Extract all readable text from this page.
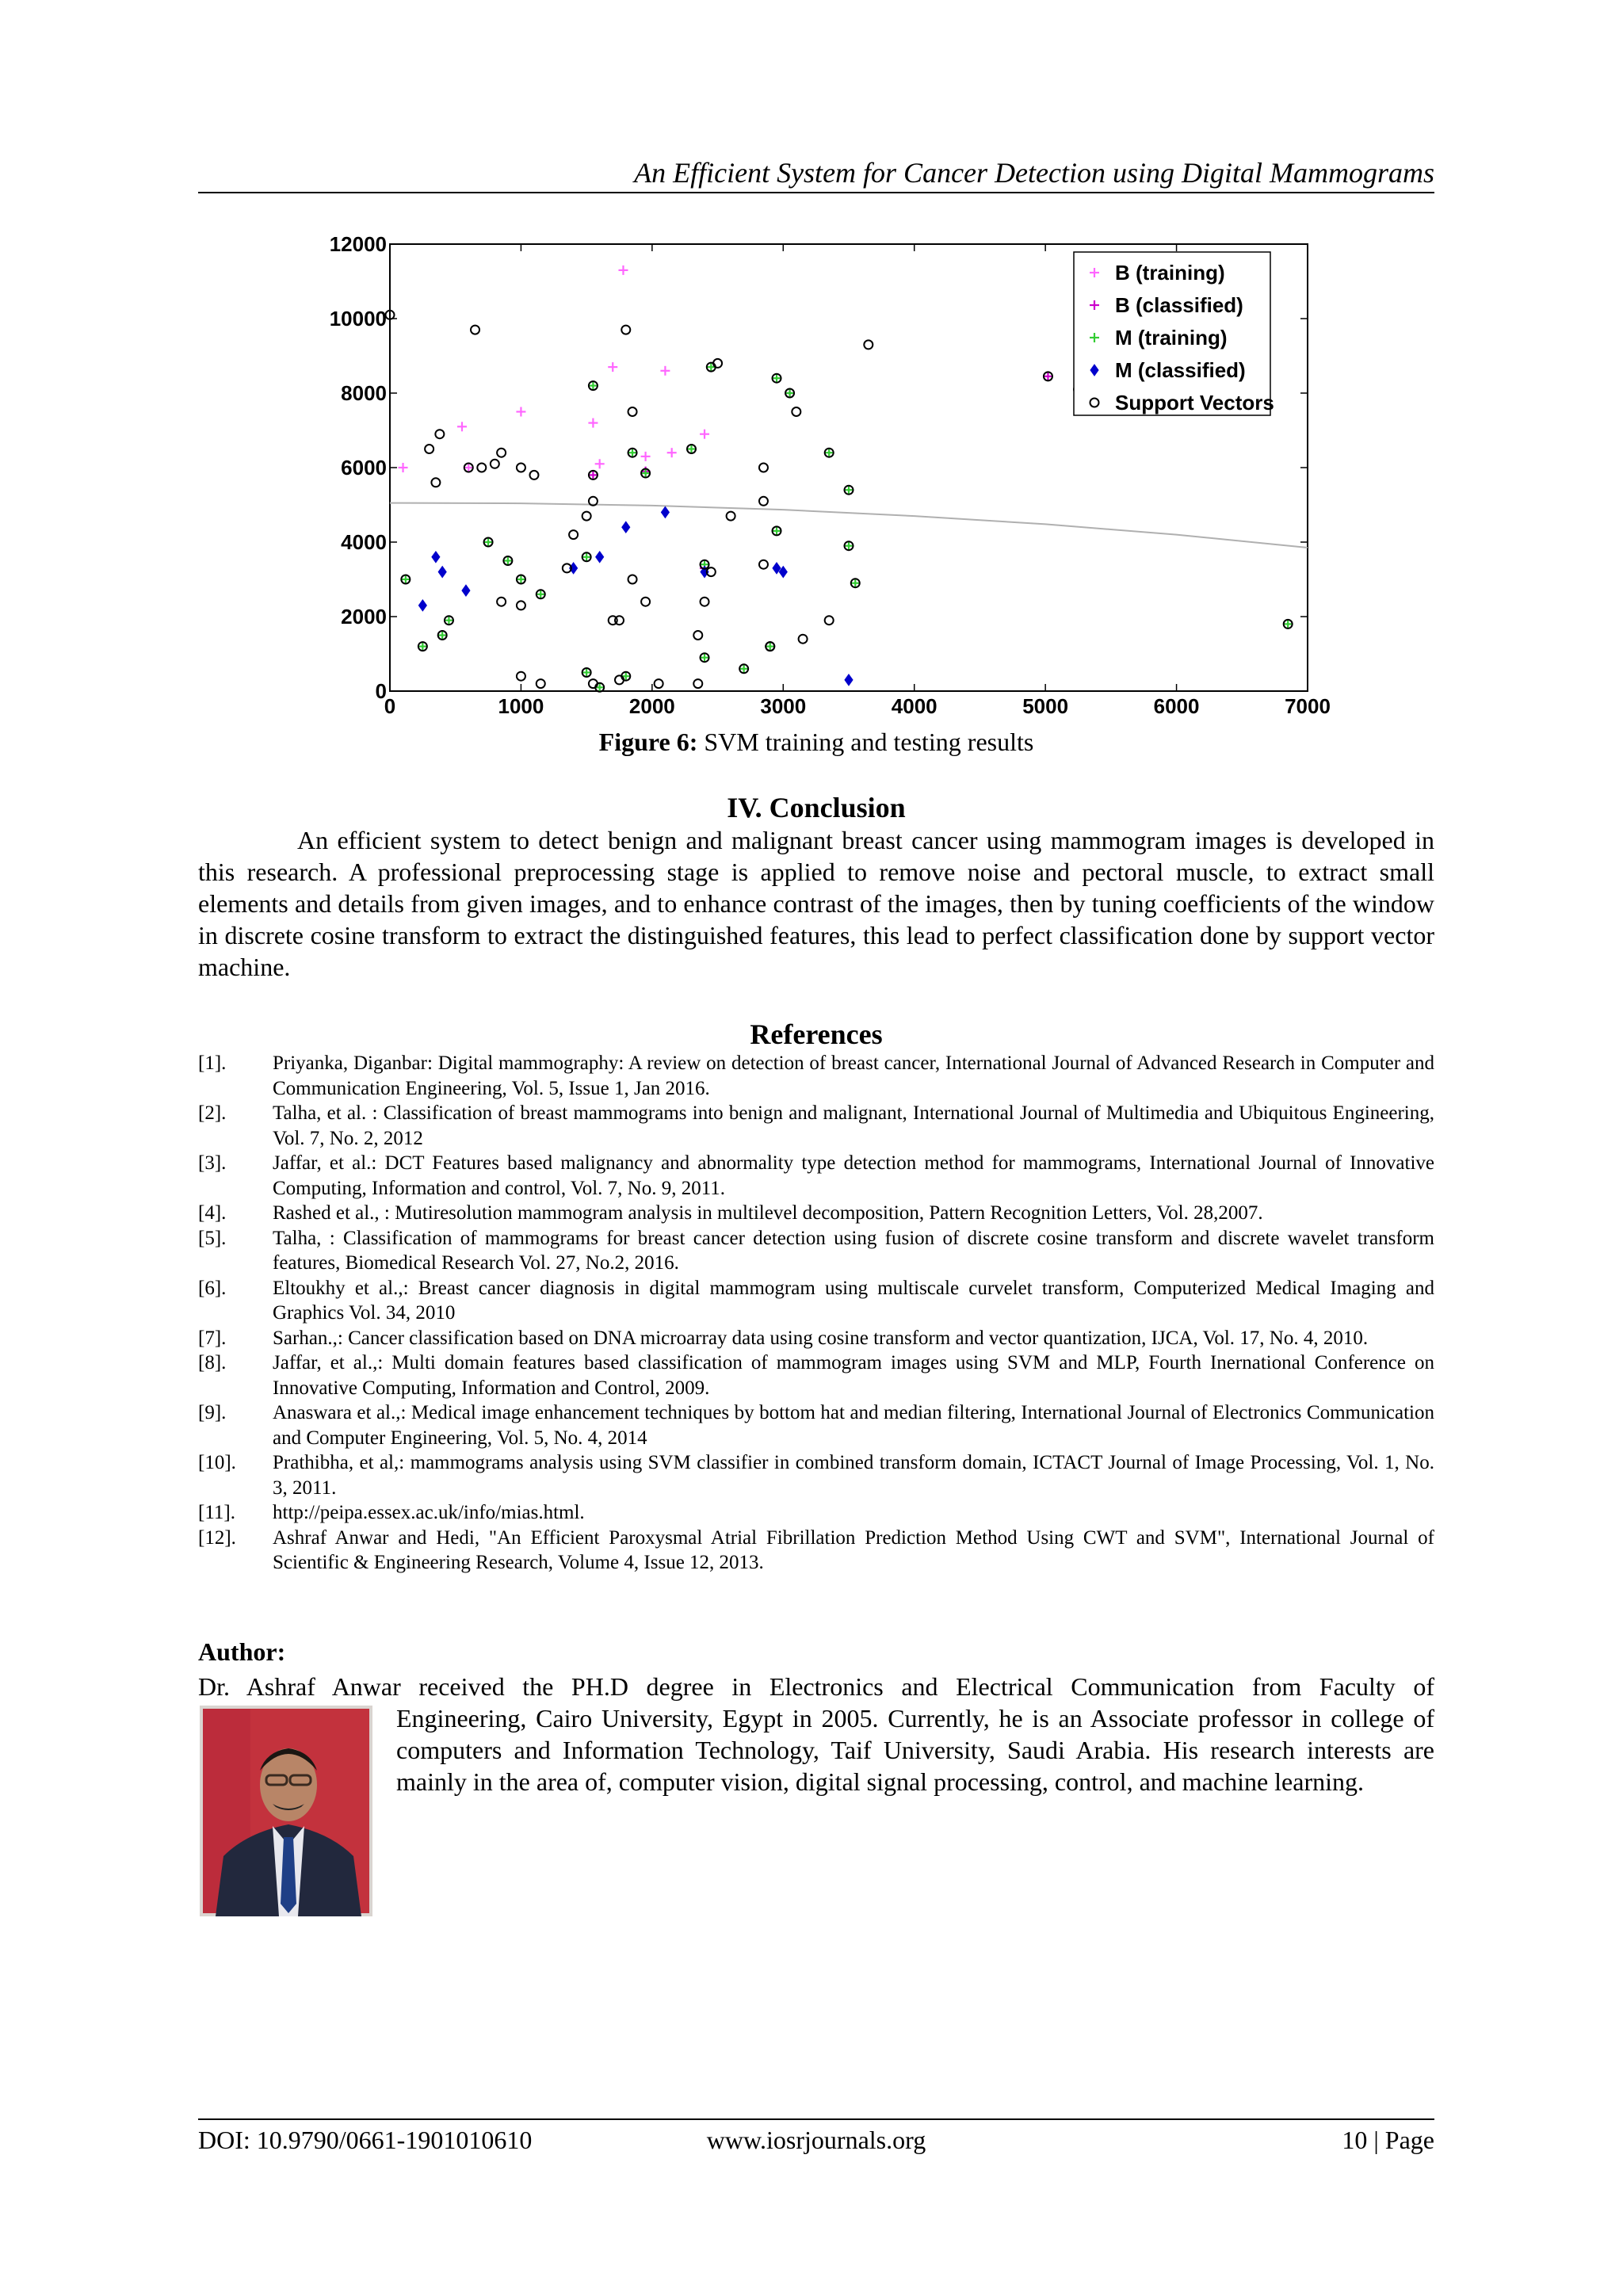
An Efficient System for Cancer Detection using Digital Mammograms
0	1000	2000	3000	4000	5000	6000	7000
0
2000
4000
6000
8000
10000
12000
B (training)
B (classified)
M (training)
M (classified)
Support Vectors
Figure 6: SVM training and testing results
IV. Conclusion
An efficient system to detect benign and malignant breast cancer using mammogram images is developed in this research. A professional preprocessing stage is applied to remove noise and pectoral muscle, to extract small elements and details from given images, and to enhance contrast of the images, then by tuning coefficients of the window in discrete cosine transform to extract the distinguished features, this lead to perfect classification done by support vector machine.
References
[1].	Priyanka, Diganbar: Digital mammography: A review on detection of breast cancer, International Journal of Advanced Research in Computer and Communication Engineering, Vol. 5, Issue 1, Jan 2016.
[2].	Talha, et al. : Classification of breast mammograms into benign and malignant, International Journal of Multimedia and Ubiquitous Engineering, Vol. 7, No. 2, 2012
[3].	Jaffar, et al.: DCT Features based malignancy and abnormality type detection method for mammograms, International Journal of Innovative Computing, Information and control, Vol. 7, No. 9, 2011.
[4].	Rashed et al., : Mutiresolution mammogram analysis in multilevel decomposition, Pattern Recognition Letters, Vol. 28,2007.
[5].	Talha, : Classification of mammograms for breast cancer detection using fusion of discrete cosine transform and discrete wavelet transform features, Biomedical Research Vol. 27, No.2, 2016.
[6].	Eltoukhy et al.,: Breast cancer diagnosis in digital mammogram using multiscale curvelet transform, Computerized Medical Imaging and Graphics Vol. 34, 2010
[7].	Sarhan.,: Cancer classification based on DNA microarray data using cosine transform and vector quantization, IJCA, Vol. 17, No. 4, 2010.
[8].	Jaffar, et al.,: Multi domain features based classification of mammogram images using SVM and MLP, Fourth Inernational Conference on Innovative Computing, Information and Control, 2009.
[9].	Anaswara et al.,: Medical image enhancement techniques by bottom hat and median filtering, International Journal of Electronics Communication and Computer Engineering, Vol. 5, No. 4, 2014
[10].	Prathibha, et al,: mammograms analysis using SVM classifier in combined transform domain, ICTACT Journal of Image Processing, Vol. 1, No. 3, 2011.
[11].	http://peipa.essex.ac.uk/info/mias.html.
[12].	Ashraf Anwar and Hedi, "An Efficient Paroxysmal Atrial Fibrillation Prediction Method Using CWT and SVM", International Journal of Scientific & Engineering Research, Volume 4, Issue 12, 2013.
Author:
Dr. Ashraf Anwar received the PH.D degree in Electronics and Electrical Communication from Faculty of
Engineering, Cairo University, Egypt in 2005. Currently, he is an Associate professor in college of computers and Information Technology, Taif University, Saudi Arabia. His research interests are mainly in the area of, computer vision, digital signal processing, control, and machine learning.
DOI: 10.9790/0661-1901010610	www.iosrjournals.org	10 | Page
